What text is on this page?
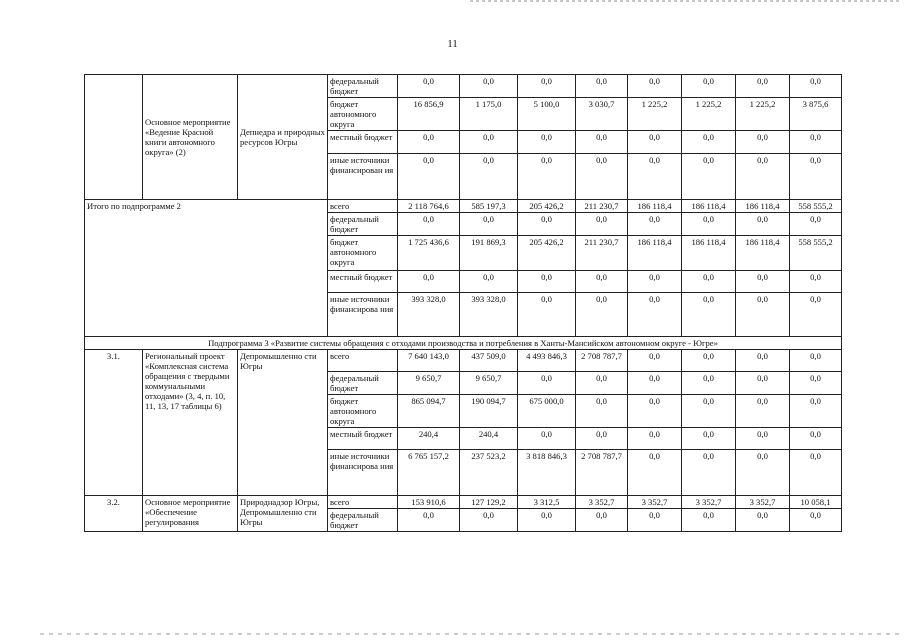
11
	Основное мероприятие «Ведение Красной книги автономного округа» (2)	Депнедра и природных ресурсов Югры	федеральный бюджет	0,0	0,0	0,0	0,0	0,0	0,0	0,0	0,0
			бюджет автономного округа	16 856,9	1 175,0	5 100,0	3 030,7	1 225,2	1 225,2	1 225,2	3 875,6
			местный бюджет	0,0	0,0	0,0	0,0	0,0	0,0	0,0	0,0
			иные источники финансирован ия	0,0	0,0	0,0	0,0	0,0	0,0	0,0	0,0
Итого по подпрограмме 2			всего	2 118 764,6	585 197,3	205 426,2	211 230,7	186 118,4	186 118,4	186 118,4	558 555,2
			федеральный бюджет	0,0	0,0	0,0	0,0	0,0	0,0	0,0	0,0
			бюджет автономного округа	1 725 436,6	191 869,3	205 426,2	211 230,7	186 118,4	186 118,4	186 118,4	558 555,2
			местный бюджет	0,0	0,0	0,0	0,0	0,0	0,0	0,0	0,0
			иные источники финансирова ния	393 328,0	393 328,0	0,0	0,0	0,0	0,0	0,0	0,0
Подпрограмма 3 «Развитие системы обращения с отходами производства и потребления в Ханты-Мансийском автономном округе - Югре»											
3.1.	Региональный проект «Комплексная система обращения с твердыми коммунальными отходами» (3, 4, п. 10, 11, 13, 17 таблицы 6)	Депромышленно сти Югры	всего	7 640 143,0	437 509,0	4 493 846,3	2 708 787,7	0,0	0,0	0,0	0,0
			федеральный бюджет	9 650,7	9 650,7	0,0	0,0	0,0	0,0	0,0	0,0
			бюджет автономного округа	865 094,7	190 094,7	675 000,0	0,0	0,0	0,0	0,0	0,0
			местный бюджет	240,4	240,4	0,0	0,0	0,0	0,0	0,0	0,0
			иные источники финансирова ния	6 765 157,2	237 523,2	3 818 846,3	2 708 787,7	0,0	0,0	0,0	0,0
3.2.	Основное мероприятие «Обеспечение регулирования	Природнадзор Югры, Депромышленно сти Югры	всего	153 910,6	127 129,2	3 312,5	3 352,7	3 352,7	3 352,7	3 352,7	10 058,1
			федеральный бюджет	0,0	0,0	0,0	0,0	0,0	0,0	0,0	0,0
